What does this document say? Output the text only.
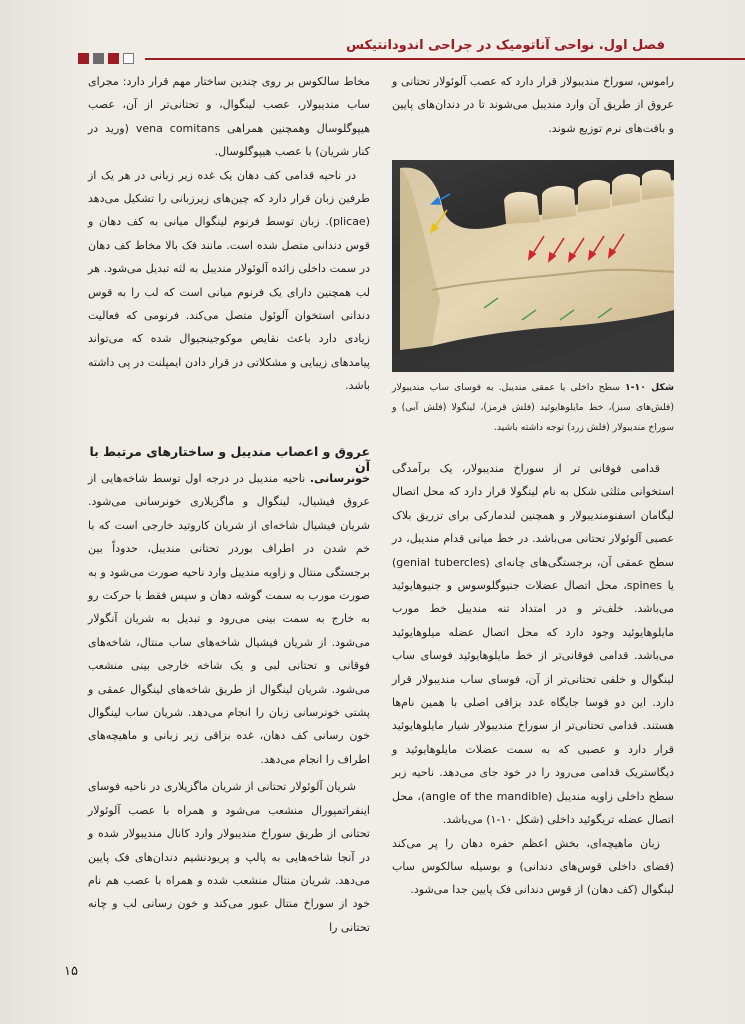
فصل اول. نواحی آناتومیک در جراحی اندودانتیکس

راموس، سوراخ مندیبولار قرار دارد که عصب آلوئولار تحتانی و عروق از طریق آن وارد مندیبل می‌شوند تا در دندان‌های پایین و بافت‌های نرم توزیع شوند.

شکل ۱۰-۱ سطح داخلی یا عمقی مندیبل. به فوسای ساب مندیبولار (فلش‌های سبز)، خط مایلوهایوئید (فلش قرمز)، لینگولا (فلش آبی) و سوراخ مندیبولار (فلش زرد) توجه داشته باشید.

قدامی فوقانی تر از سوراخ مندیبولار، یک برآمدگی استخوانی مثلثی شکل به نام لینگولا قرار دارد که محل اتصال لیگامان اسفنومندیبولار و همچنین لندمارکی برای تزریق بلاک عصبی آلوئولار تحتانی می‌باشد. در خط میانی قدام مندیبل، در سطح عمقی آن، برجستگی‌های چانه‌ای (genial tubercles) یا spines، محل اتصال عضلات جنیوگلوسوس و جنیوهایوئید می‌باشد. خلف‌تر و در امتداد تنه مندیبل خط مورب مایلوهایوئید وجود دارد که محل اتصال عضله میلوهایوئید می‌باشد. قدامی فوقانی‌تر از خط مایلوهایوئید فوسای ساب لینگوال و خلفی تحتانی‌تر از آن، فوسای ساب مندیبولار قرار دارد. این دو فوسا جایگاه غدد بزاقی اصلی با همین نام‌ها هستند. قدامی تحتانی‌تر از سوراخ مندیبولار شیار مایلوهایوئید قرار دارد و عصبی که به سمت عضلات مایلوهایوئید و دیگاستریک قدامی می‌رود را در خود جای می‌دهد. ناحیه زبر سطح داخلی زاویه مندیبل (angle of the mandible)، محل اتصال عضله تریگوئید داخلی (شکل ۱۰-۱) می‌باشد.

زبان ماهیچه‌ای، بخش اعظم حفره دهان را پر می‌کند (فضای داخلی قوس‌های دندانی) و بوسیله سالکوس ساب لینگوال (کف دهان) از قوس دندانی فک پایین جدا می‌شود.

مخاط سالکوس بر روی چندین ساختار مهم قرار دارد: مجرای ساب مندیبولار، عصب لینگوال، و تحتانی‌تر از آن، عصب هیپوگلوسال وهمچنین همراهی vena comitans (ورید در کنار شریان) با عصب هیپوگلوسال.

در ناحیه قدامی کف دهان یک غده زیر زبانی در هر یک از طرفین زبان قرار دارد که چین‌های زیرزبانی را تشکیل می‌دهد (plicae). زبان توسط فرنوم لینگوال میانی به کف دهان و قوس دندانی متصل شده است. مانند فک بالا مخاط کف دهان در سمت داخلی زائده آلوئولار مندیبل به لثه تبدیل می‌شود. هر لب همچنین دارای یک فرنوم میانی است که لب را به قوس دندانی استخوان آلوئول متصل می‌کند. فرنومی که فعالیت زیادی دارد باعث نقایص موکوجینجیوال شده که می‌تواند پیامدهای زیبایی و مشکلاتی در قرار دادن ایمپلنت در پی داشته باشد.

عروق و اعصاب مندیبل و ساختارهای مرتبط با آن

خونرسانی. ناحیه مندیبل در درجه اول توسط شاخه‌هایی از عروق فیشیال، لینگوال و ماگزیلاری خونرسانی می‌شود. شریان فیشیال شاخه‌ای از شریان کاروتید خارجی است که با خم شدن در اطراف بوردر تحتانی مندیبل، حدوداً بین برجستگی منتال و زاویه مندیبل وارد ناحیه صورت می‌شود و به صورت مورب به سمت گوشه دهان و سپس فقط با حرکت رو به خارج به سمت بینی می‌رود و تبدیل به شریان آنگولار می‌شود. از شریان فیشیال شاخه‌های ساب منتال، شاخه‌های فوقانی و تحتانی لبی و یک شاخه خارجی بینی منشعب می‌شود. شریان لینگوال از طریق شاخه‌های لینگوال عمقی و پشتی خونرسانی زبان را انجام می‌دهد. شریان ساب لینگوال خون رسانی کف دهان، غده بزاقی زیر زبانی و ماهیچه‌های اطراف را انجام می‌دهد.

شریان آلوئولار تحتانی از شریان ماگزیلاری در ناحیه فوسای اینفراتمپورال منشعب می‌شود و همراه با عصب آلوئولار تحتانی از طریق سوراخ مندیبولار وارد کانال مندیبولار شده و در آنجا شاخه‌هایی به پالپ و پریودنشیم دندان‌های فک پایین می‌دهد. شریان منتال منشعب شده و همراه با عصب هم نام خود از سوراخ منتال عبور می‌کند و خون رسانی لب و چانه تحتانی را

۱۵
